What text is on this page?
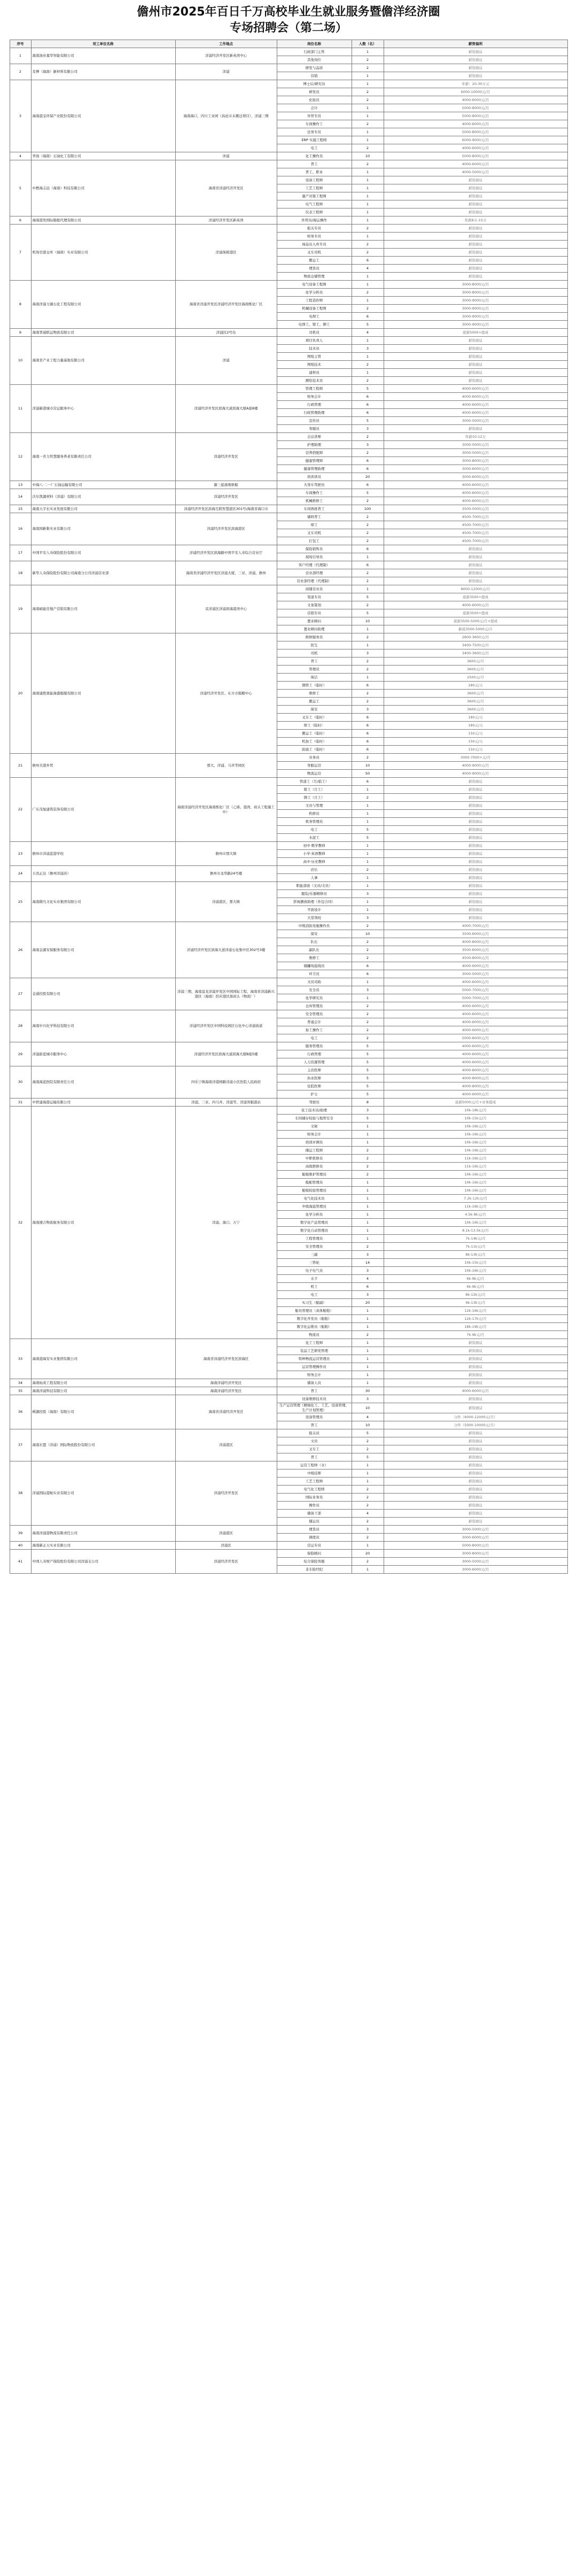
儋州市2025年百日千万高校毕业生就业服务暨儋洋经济圈
专场招聘会（第二场）
序号	用工单位名称	工作地点	岗位名称	人数（名）	薪资福利
1	海南油业嘉华智能有限公司	洋浦经济开发区新英湾中心	行政部门主管	1	薪资面议
			其他岗位	2	薪资面议
2	麦博（海南）新材料有限公司	洋浦	研发与品质	2	薪资面议
			营销	1	薪资面议
3	海南晨宝环保产业股份有限公司	海南海口，四川工业园（昌邑市未搬迁项目），洋浦三期	博士后/研究员	1	年薪：20-30万元
			研发员	2	6000-10000元/月
			化验员	2	4000-6000元/月
			会计	1	5000-8000元/月
			外贸专员	1	5000-8000元/月
			车间操作工	2	4000-6000元/月
			法务专员	1	5000-8000元/月
			ERP 实施工程师	1	6000-9000元/月
			电工	2	4000-6000元/月
4	华润（海南）石油化工有限公司	洋浦	化工操作员	10	5000-8000元/月
5	中燃海志远（海南）科技有限公司	海南省洋浦经济开发区	普工	2	4000-6000元/月
			普工、职业	1	4000-5000元/月
			设备工程师	1	薪资面议
			工艺工程师	1	薪资面议
			量产对策工程师	1	薪资面议
			电气工程师	1	薪资面议
			仪表工程师	1	薪资面议
6	海南港发国际船舶代理有限公司	洋浦经济开发区新英湾	外贸员/海运操作	1	年薪8万-15万
7	机场空港仓库（海南）实业有限公司	洋浦保税港区	报关专员	2	薪资面议
			财务专员	1	薪资面议
			商品出入库专员	2	薪资面议
			叉车司机	2	薪资面议
			搬运工	6	薪资面议
			理货员	4	薪资面议
			物流仓储管理	1	薪资面议
8	海南洋浦力源石化工程有限公司	海南省洋浦开发区洋浦经济开发区海南炼化厂区	电气设备工程师	1	3000-8000元/月
			化学分析员	2	3000-8000元/月
			工程造价师	1	3000-9000元/月
			机械设备工程师	2	3000-9000元/月
			电焊工	6	3000-9000元/月
			电焊工、钳工、铆工	5	3000-9000元/月
9	海南普通联运物流有限公司	洋浦区2号岛	司机员	4	底薪5000+提成
10	海南省产业工程力量基地有限公司	洋浦	项目负责人	1	薪资面议
			技术员	3	薪资面议
			图纸主管	1	薪资面议
			图纸技术	2	薪资面议
			建材员	1	薪资面议
			测绘技术员	2	薪资面议
11	洋浦新港城市营运服务中心	洋浦经济开发区滨海大道滨海大厦A座8楼	管理工程师	5	4000-6000元/月
			财务会计	6	4000-6000元/月
			行政管理	6	4000-6000元/月
			行政管理助理	6	4000-6000元/月
			宣传员	5	3000-5000元/月
			客服员	3	薪资面议
12	海南一省力智慧服务养老有限责任公司	洋浦经济开发区	会议讲师	2	年薪10-12万
			护理助理	3	3000-5000元/月
			营养搭配师	2	3000-5000元/月
			健康管理师	6	3000-8000元/月
			健康管理助理	6	3000-6000元/月
			培训讲员	20	3000-6000元/月
13	中海八·二一厂石油运输有限公司	源三起落吸驱船	大客车驾驶员	6	4000-6000元/月
14	沃尔凯源材料（洋浦）有限公司	洋浦经济开发区	车间操作工	5	4000-6000元/月
			机械维修工	2	4000-6000元/月
15	海南天宇长实业发展有限公司	洋浦经济开发区滨海互联智慧港区301号/海南省海口市	车间熟练普工	100	3500-5000元/月
16	海南国新集实业有限公司	洋浦经济开发区滨海港区	储料普工	2	4500-7000元/月
			焊工	2	4500-7000元/月
			叉车司机	2	4500-7000元/月
			打包工	2	4500-7000元/月
17	中国平安人寿保险股份有限公司	洋浦经济开发区滨海路中国平安人寿综合营业厅	保险销售员	6	薪资面议
			现场引导员	1	薪资面议
18	新华人寿保险股份有限公司海南分公司洋浦营业部	海南省洋浦经济开发区洋浦大厦、三亚、洋浦、儋州	客户经理（代理制）	6	薪资面议
			营业部经理	2	薪资面议
			营业部经理（代理制）	2	薪资面议
19	海南硕能房地产营销有限公司	京洋浦区洋浦滨海港湾中心	商铺营业员	1	8000-12000元/月
			渠道专员	5	底薪3500+提成
			文案策划	2	4000-6000元/月
			营销专员	5	底薪3500+提成
			置业顾问	10	底薪3500-5000元/月+提成
			置业顾问助理	1	新底3500-5000元/月
20	海南建胜奥能海盛船服有限公司	洋浦经济开发区、东方市船艇中心	维修服务员	2	2800-3600元/月
			医生	1	3400-7500元/月
			司机	3	3400-3600元/月
			普工	2	3600元/月
			管理员	2	3600元/月
			保洁	1	2500元/月
			钢管工（临时）	6	180元/天
			维修工	2	3600元/月
			搬运工	2	3600元/月
			保安	3	3600元/月
			叉车工（临时）	6	180元/天
			焊工（临时）	6	180元/天
			搬运工（临时）	6	150元/天
			机加工（临时）	6	150元/天
			防腐工（临时）	6	150元/天
21	儋州美港外贸	那大、洋浦、马井等园区	业务员	2	3000-7000+元/月
			客服运营	10	4000-9000元/月
			物流运营	50	4000-9000元/月
22	广东茂旭建筑装饰有限公司	海南洋浦经济开发区海南炼化厂区（乙烯、港湾、码头工程施工中）	管道工（月/临工）	6	薪资面议
			钳工（月工）	1	薪资面议
			铆工（月工）	2	薪资面议
			文员与管理	1	薪资面议
			机修员	1	薪资面议
			机务管理员	1	薪资面议
			电工	5	薪资面议
			水泥工	5	薪资面议
23	儋州市洋浦蓝港学校	儋州市那大镇	初中·数学教师	1	薪资面议
			小学·英语教师	1	薪资面议
			高中·历史教师	1	薪资面议
24	五讯正达（儋州洋浦店）	儋州市龙华路24号楼	店长	2	薪资面议
			人事	1	薪资面议
25	海南微凡文化实业集团有限公司	洋浦港区、那大镇	职能部面（文员/文员）	1	薪资面议
			服装/乐器精修员	3	薪资面议
			影视播放助理（外包合同）	1	薪资面议
			平面设计	1	薪资面议
			大堂领班	3	薪资面议
26	海南金源安保服务有限公司	洋浦经济开发区滨海大道洋浦石化集中区302号3楼	中级消防设施操作员	2	4000-7000元/月
			保安	10	3500-6000元/月
			队长	2	4000-8000元/月
			副队长	2	3500-6000元/月
			维修工	2	4500-8000元/月
			储罐场巡线员	6	4000-6000元/月
			环卫员	6	3000-5000元/月
27	金通控股有限公司	洋浦三期、海南盘龙洋浦开发区中国国际工程、海南省洋浦新兴港区（海南）供应港区南码头（物流厂）	文员司助	1	4000-6000元/月
			安全员	3	5000-7000元/月
			化学研究员	1	5000-7000元/月
			仓库管理员	2	4000-6000元/月
28	海南中兴化学科技有限公司	洋浦经济开发区中国科技园区石化中心洋浦街道	安全管理员	2	4000-6000元/月
			普通会计	2	4000-6000元/月
			加工操作工	2	4000-6000元/月
			电工	2	5000-8000元/月
29	洋浦蔚蓝城市服务中心	洋浦经济开发区滨海大道滨海大厦B座5楼	服务管理员	5	4000-6000元/月
			行政管理	5	4000-6000元/月
			人力资源管理	5	4000-6000元/月
30	海南海蓝医院有限责任公司	四乐宁镇海南洋港园路洋浦小区医院人民政府	主治医师	5	4000-8000元/月
			执业医师	5	4000-8000元/月
			住院医师	5	4000-8000元/月
			护士	5	4000-6000元/月
31	中铁建海港运输有限公司	洋浦、三亚、四马井、洋浦等、洋浦客服港站	驾驶员	8	底薪5000元/月+业务提成
32	海南遵吉物流航务有限公司	洋浦、海口、万宁	化工技术员/助理	3	10k-18k元/月
			车间储存检验与地管安全	5	10k-15k元/月
			文秘	1	10k-16k元/月
			财务会计	1	10k-16k元/月
			培训评测员	1	10k-16k元/月
			储运工程师	2	10k-16k元/月
			中职机修员	2	11k-16k元/月
			高级维修员	2	11k-16k元/月
			船舶维护管理员	2	10k-16k元/月
			船舶管理员	1	10k-16k元/月
			船舶检验管理员	1	10k-16k元/月
			电气化技术员	1	7.2k-12k元/月
			中级海巡管理员	1	11k-16k元/月
			化学分析员	1	4.5k-9k元/月
			数字化产品管理员	1	10k-16k元/月
			数字化自动管理员	1	8.1k-13.5k元/月
			工程管理员	1	7k-14k元/月
			安全管理员	2	7k-11k元/月
			三副	3	8k-13k元/月
			三管轮	14	10k-15k元/月
			电子电气员	3	10k-16k元/月
			水手	4	6k-9k元/月
			机工	6	6k-9k元/月
			电工	3	8k-12k元/月
			实习生（船副）	20	9k-13k元/月
			船员管理员（具体船舶）	1	12k-16k元/月
			数字化开发员（船舶）	1	12k-17k元/月
			数字化运维员（船舶）	1	18k-19k元/月
			物流员	2	7k-9k元/月
33	海南港海安实业集团有限公司	海南省洋浦经济开发区滨海区	化工工程师	1	薪资面议
			装品工艺研发管理	1	薪资面议
			特种物流运营管理员	1	薪资面议
			运营管理操作员	1	薪资面议
			财务会计	1	薪资面议
34	海南灿英工程有限公司	海南洋浦经济开发区	储备人员	1	薪资面议
35	海南洋浦科技有限公司	海南洋浦经济开发区	普工	30	4000-6000元/月
36	桃源控股（海南）有限公司	海南省洋浦经济开发区	设备维修技术员	3	薪资面议
			生产运营管理（精细化工、工艺、设备管理、生产计划管理）	10	薪资面议
			设备管理员	4	分件（6000-12000元/月）
			普工	10	分件（5000-10000元/月）
37	海南东盟（洋浦）国际物流股份有限公司	洋浦港区	报关员	5	薪资面议
			文员	2	薪资面议
			叉车工	2	薪资面议
			普工	5	薪资面议
38	洋浦国际港航实业有限公司	洋浦经济开发区	运营工程师（水）	1	薪资面议
			中级技师	1	薪资面议
			工艺工程师	1	薪资面议
			电气化工程师	2	薪资面议
			国际业务员	2	薪资面议
			操作员	2	薪资面议
			储备干部	4	薪资面议
			储运员	2	薪资面议
39	海南洋浦港物流有限责任公司	洋浦港区	理货员	3	3000-5000元/月
			调度员	2	3000-6000元/月
40	海南新正天实业有限公司	洋浦区	营运专员	1	5000-8000元/月
41	中国人寿财产保险股份有限公司洋浦支公司	洋浦经济开发区	保险顾问	20	3000-8000元/月
			综合保险客服	2	3000-5000元/月
			非车险经纪	1	3000-6000元/月
